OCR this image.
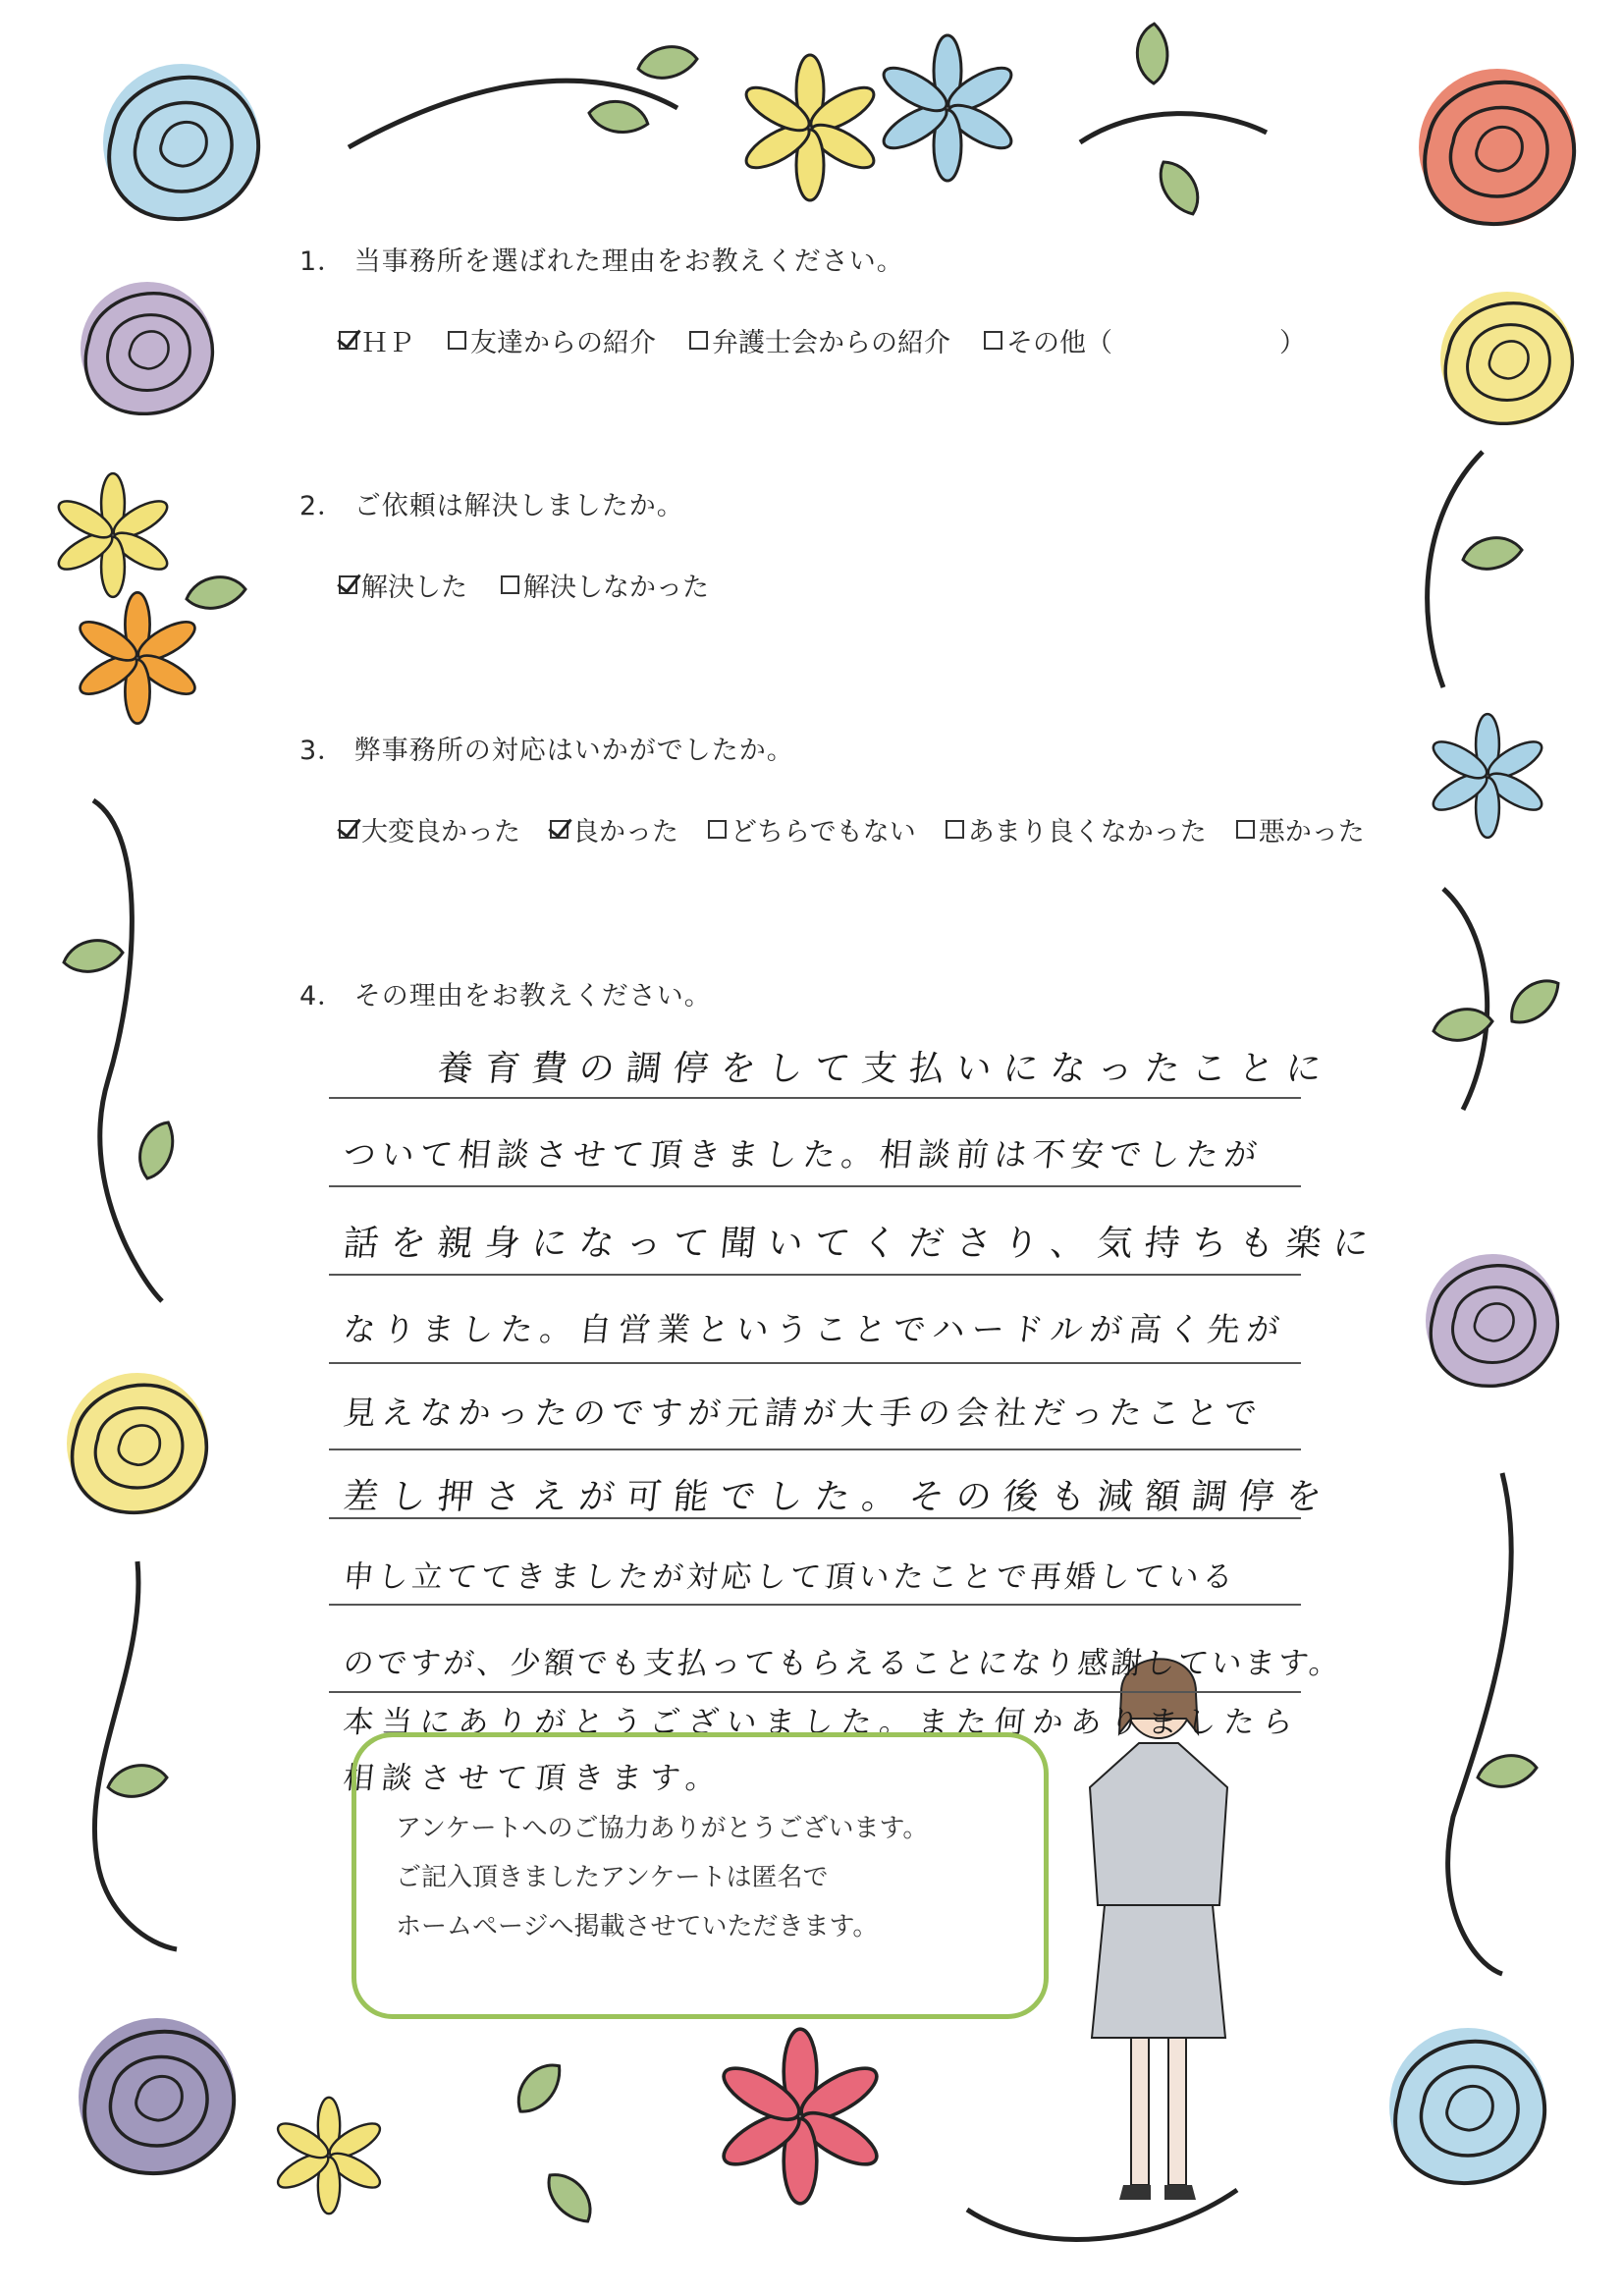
1． 当事務所を選ばれた理由をお教えください。
ＨＰ 友達からの紹介 弁護士会からの紹介 その他（	）
2． ご依頼は解決しましたか。
解決した 解決しなかった
3． 弊事務所の対応はいかがでしたか。
大変良かった 良かった どちらでもない あまり良くなかった 悪かった
4． その理由をお教えください。
　　養育費の調停をして支払いになったことに
ついて相談させて頂きました。相談前は不安でしたが
話を親身になって聞いてくださり、気持ちも楽に
なりました。自営業ということでハードルが高く先が
見えなかったのですが元請が大手の会社だったことで
差し押さえが可能でした。その後も減額調停を
申し立ててきましたが対応して頂いたことで再婚している
のですが、少額でも支払ってもらえることになり感謝しています。
本当にありがとうございました。また何かありましたら
相談させて頂きます。
アンケートへのご協力ありがとうございます。
ご記入頂きましたアンケートは匿名で
ホームページへ掲載させていただきます。
